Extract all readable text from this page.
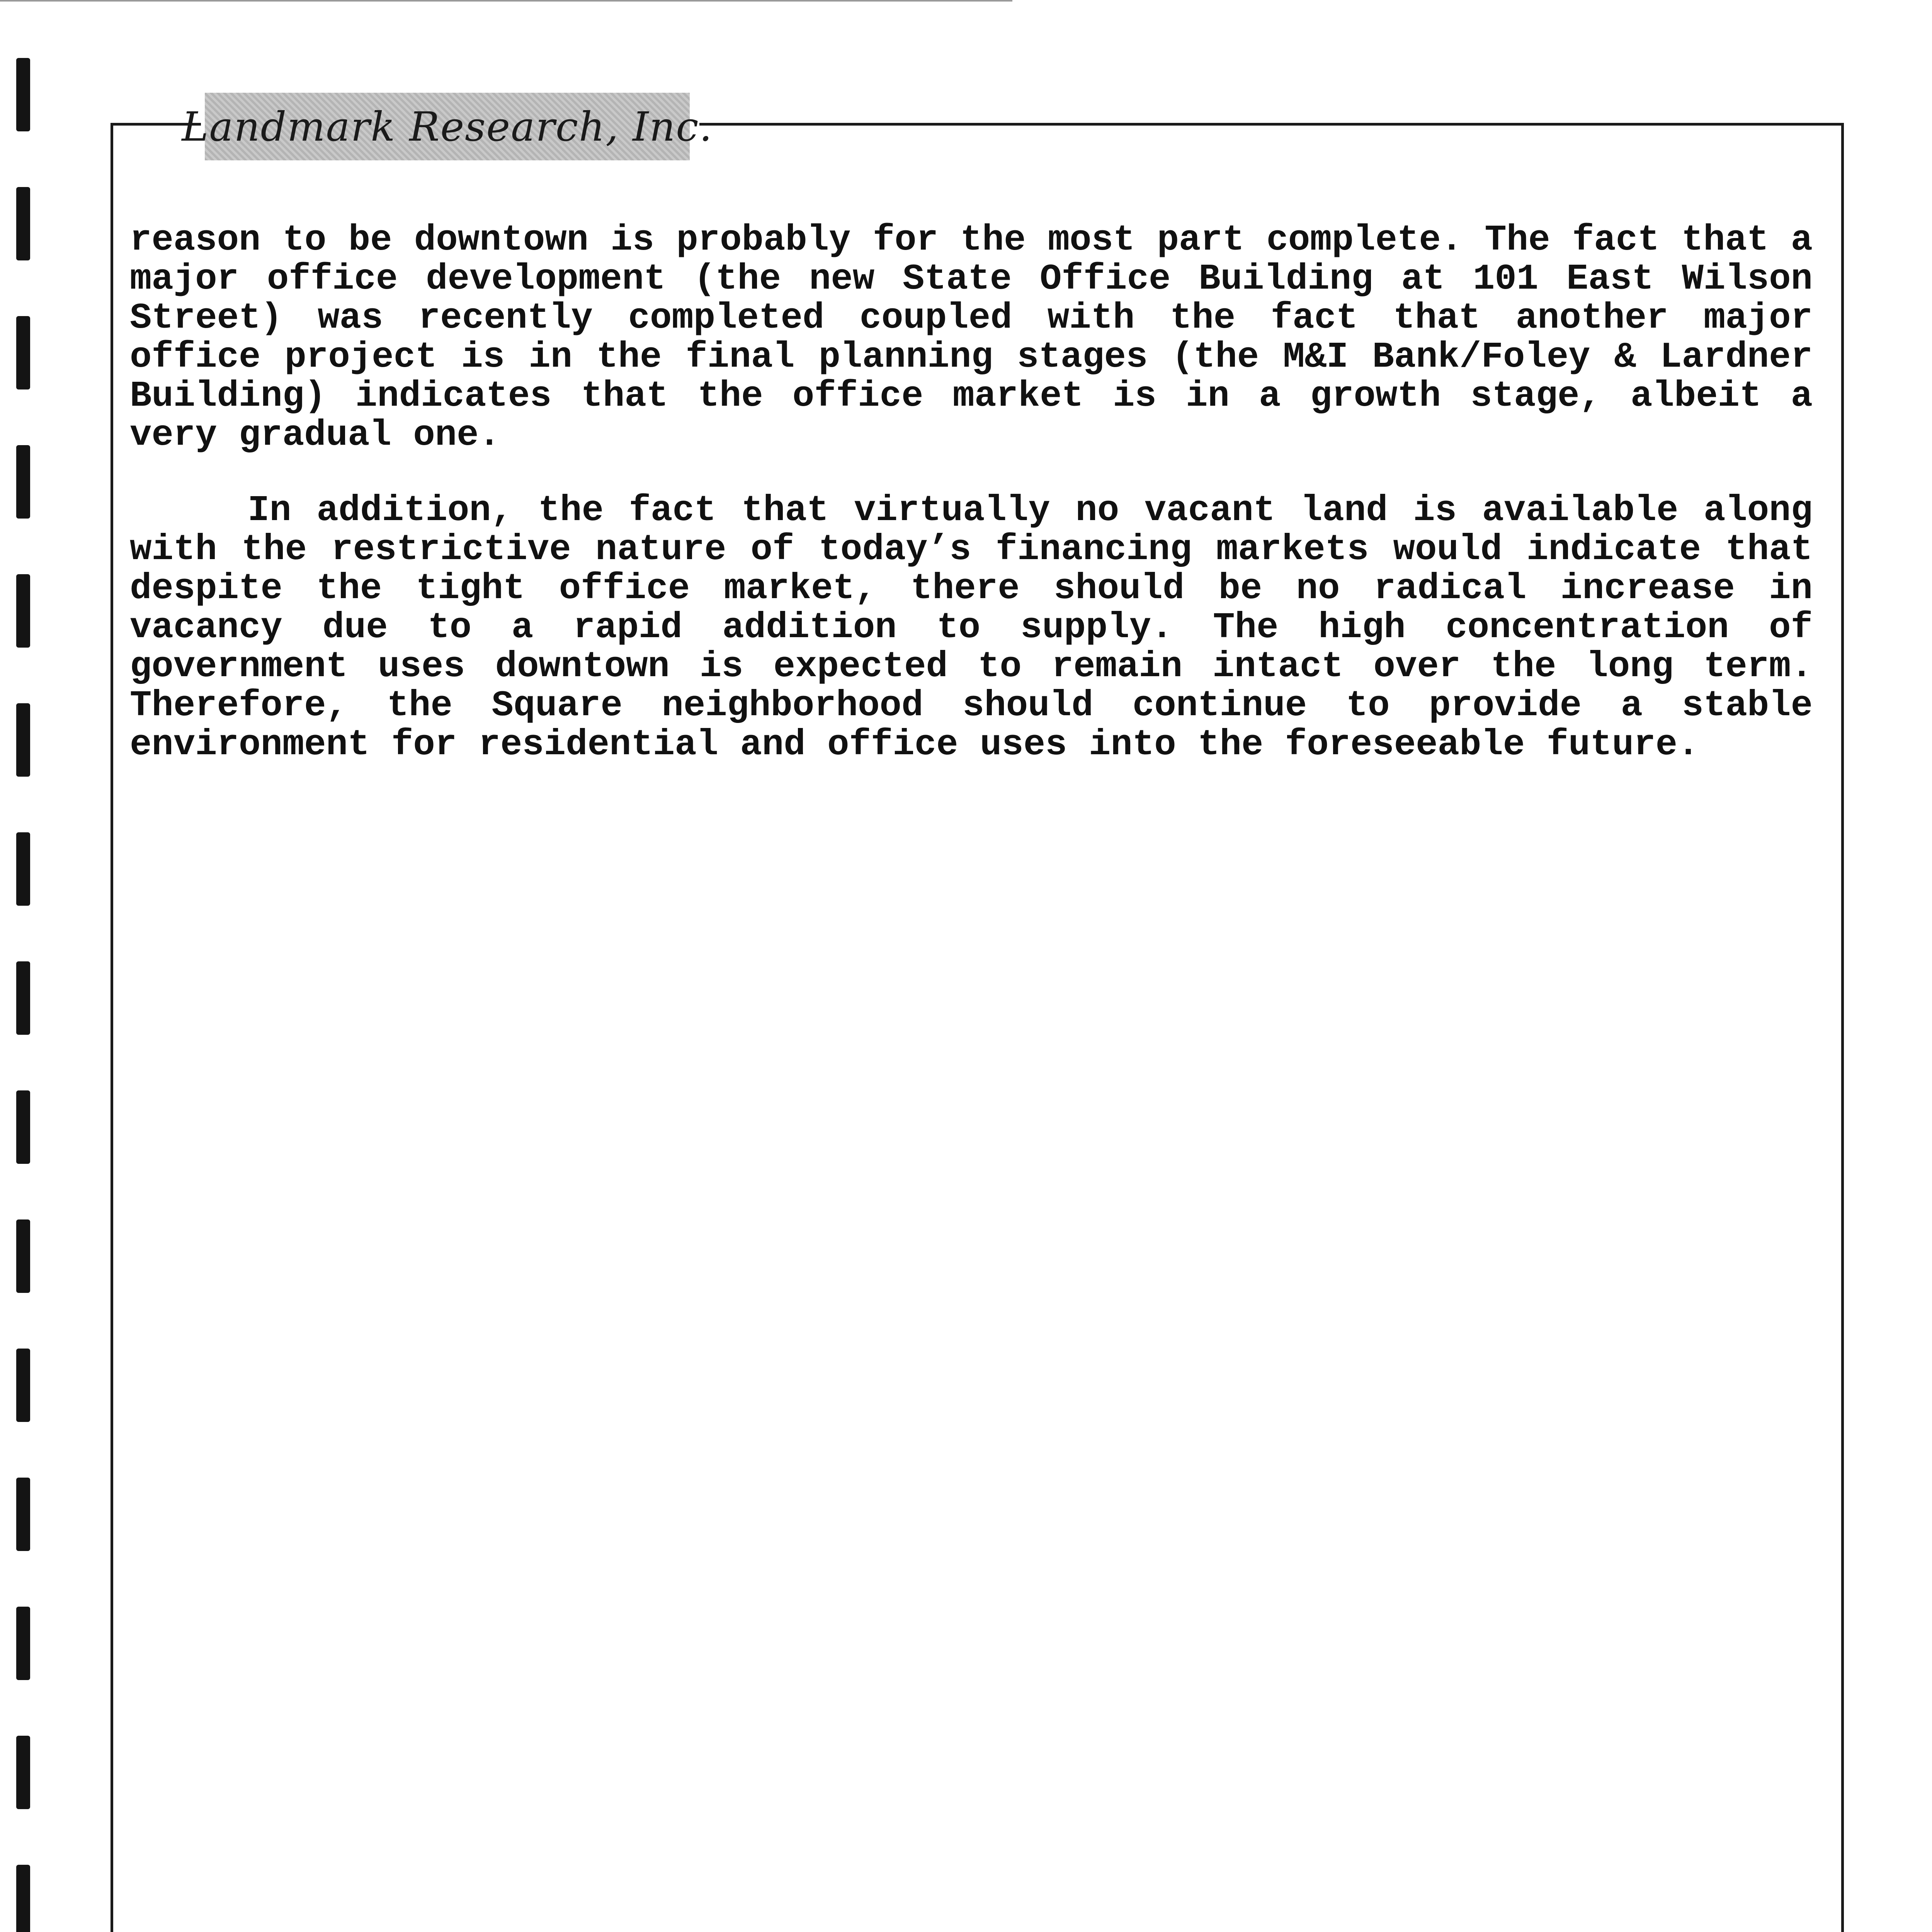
Landmark Research, Inc.

reason to be downtown is probably for the most part complete. The fact that a major office development (the new State Office Building at 101 East Wilson Street) was recently completed coupled with the fact that another major office project is in the final planning stages (the M&I Bank/Foley & Lardner Building) indicates that the office market is in a growth stage, albeit a very gradual one.

In addition, the fact that virtually no vacant land is available along with the restrictive nature of today’s financing markets would indicate that despite the tight office market, there should be no radical increase in vacancy due to a rapid addition to supply. The high concentration of government uses downtown is expected to remain intact over the long term. Therefore, the Square neighborhood should continue to provide a stable environment for residential and office uses into the foreseeable future.
